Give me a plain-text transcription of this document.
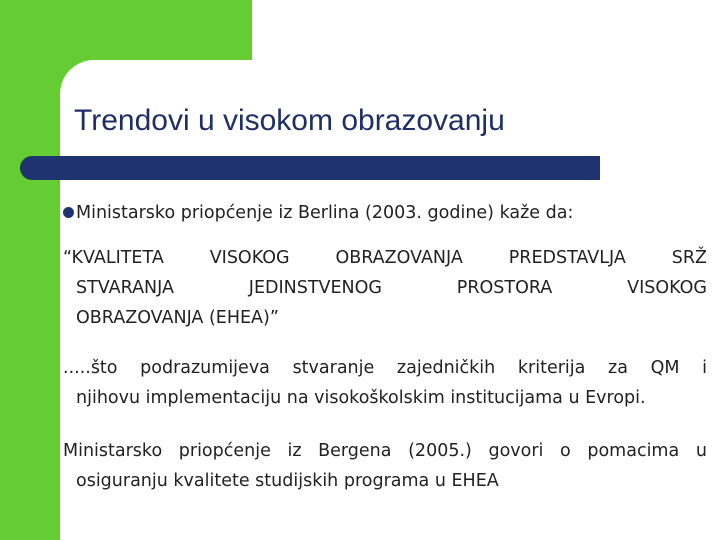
Trendovi u visokom obrazovanju
Ministarsko priopćenje iz Berlina (2003. godine) kaže da:
“KVALITETA	VISOKOG	OBRAZOVANJA	PREDSTAVLJA	SRŽ
STVARANJA	JEDINSTVENOG	PROSTORA	VISOKOG
OBRAZOVANJA (EHEA)”
.....što podrazumijeva stvaranje zajedničkih kriterija za QM i
njihovu implementaciju na visokoškolskim institucijama u Evropi.
Ministarsko priopćenje iz Bergena (2005.) govori o pomacima u
osiguranju kvalitete studijskih programa u EHEA
